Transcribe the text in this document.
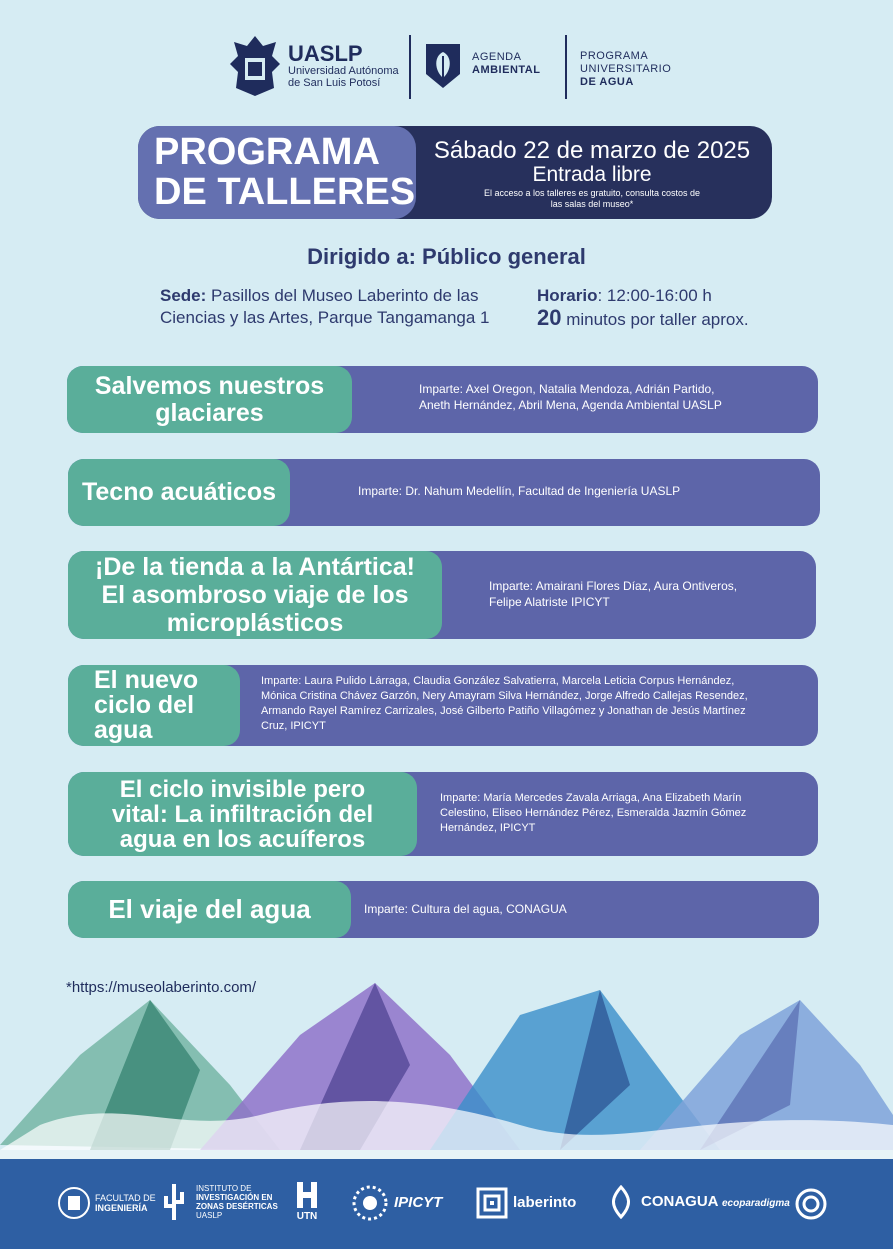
UASLP
Universidad Autónoma
de San Luis Potosí
AGENDA
AMBIENTAL
PROGRAMA
UNIVERSITARIO
DE AGUA
PROGRAMA
DE TALLERES
Sábado 22 de marzo de 2025
Entrada libre
El acceso a los talleres es gratuito, consulta costos de
las salas del museo*
Dirigido a: Público general
Sede: Pasillos del Museo Laberinto de las
Ciencias y las Artes, Parque Tangamanga 1
Horario: 12:00-16:00 h
20 minutos por taller aprox.
Salvemos nuestros
glaciares
Imparte: Axel Oregon, Natalia Mendoza, Adrián Partido,
Aneth Hernández, Abril Mena, Agenda Ambiental UASLP
Tecno acuáticos	Imparte: Dr. Nahum Medellín, Facultad de Ingeniería UASLP
¡De la tienda a la Antártica!
El asombroso viaje de los
microplásticos
Imparte: Amairani Flores Díaz, Aura Ontiveros,
Felipe Alatriste IPICYT
El nuevo
ciclo del
agua
Imparte: Laura Pulido Lárraga, Claudia González Salvatierra, Marcela Leticia Corpus Hernández,
Mónica Cristina Chávez Garzón, Nery Amayram Silva Hernández, Jorge Alfredo Callejas Resendez,
Armando Rayel Ramírez Carrizales, José Gilberto Patiño Villagómez y Jonathan de Jesús Martínez
Cruz, IPICYT
El ciclo invisible pero
vital: La infiltración del
agua en los acuíferos
Imparte: María Mercedes Zavala Arriaga, Ana Elizabeth Marín
Celestino, Eliseo Hernández Pérez, Esmeralda Jazmín Gómez
Hernández, IPICYT
El viaje del agua	Imparte: Cultura del agua, CONAGUA
*https://museolaberinto.com/
FACULTAD DE
INGENIERÍA
INSTITUTO DE
INVESTIGACIÓN EN
ZONAS DESÉRTICAS
UASLP	UTN
IPICYT	laberinto	CONAGUA ecoparadigma
